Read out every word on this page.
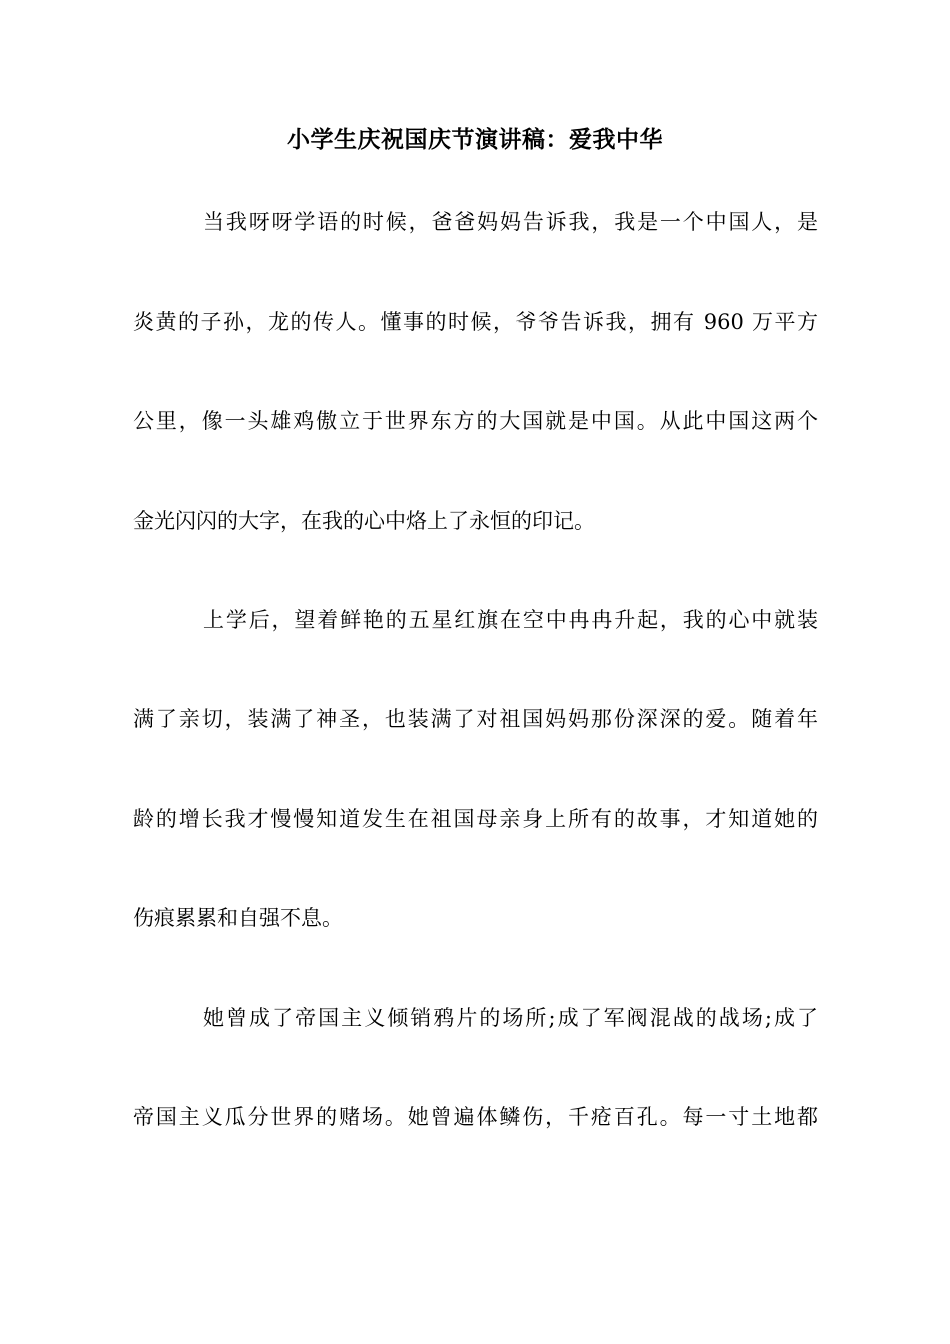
小学生庆祝国庆节演讲稿：爱我中华
当我呀呀学语的时候，爸爸妈妈告诉我，我是一个中国人，是
炎黄的子孙，龙的传人。懂事的时候，爷爷告诉我，拥有 960 万平方
公里，像一头雄鸡傲立于世界东方的大国就是中国。从此中国这两个
金光闪闪的大字，在我的心中烙上了永恒的印记。
上学后，望着鲜艳的五星红旗在空中冉冉升起，我的心中就装
满了亲切，装满了神圣，也装满了对祖国妈妈那份深深的爱。随着年
龄的增长我才慢慢知道发生在祖国母亲身上所有的故事，才知道她的
伤痕累累和自强不息。
她曾成了帝国主义倾销鸦片的场所;成了军阀混战的战场;成了
帝国主义瓜分世界的赌场。她曾遍体鳞伤，千疮百孔。每一寸土地都
